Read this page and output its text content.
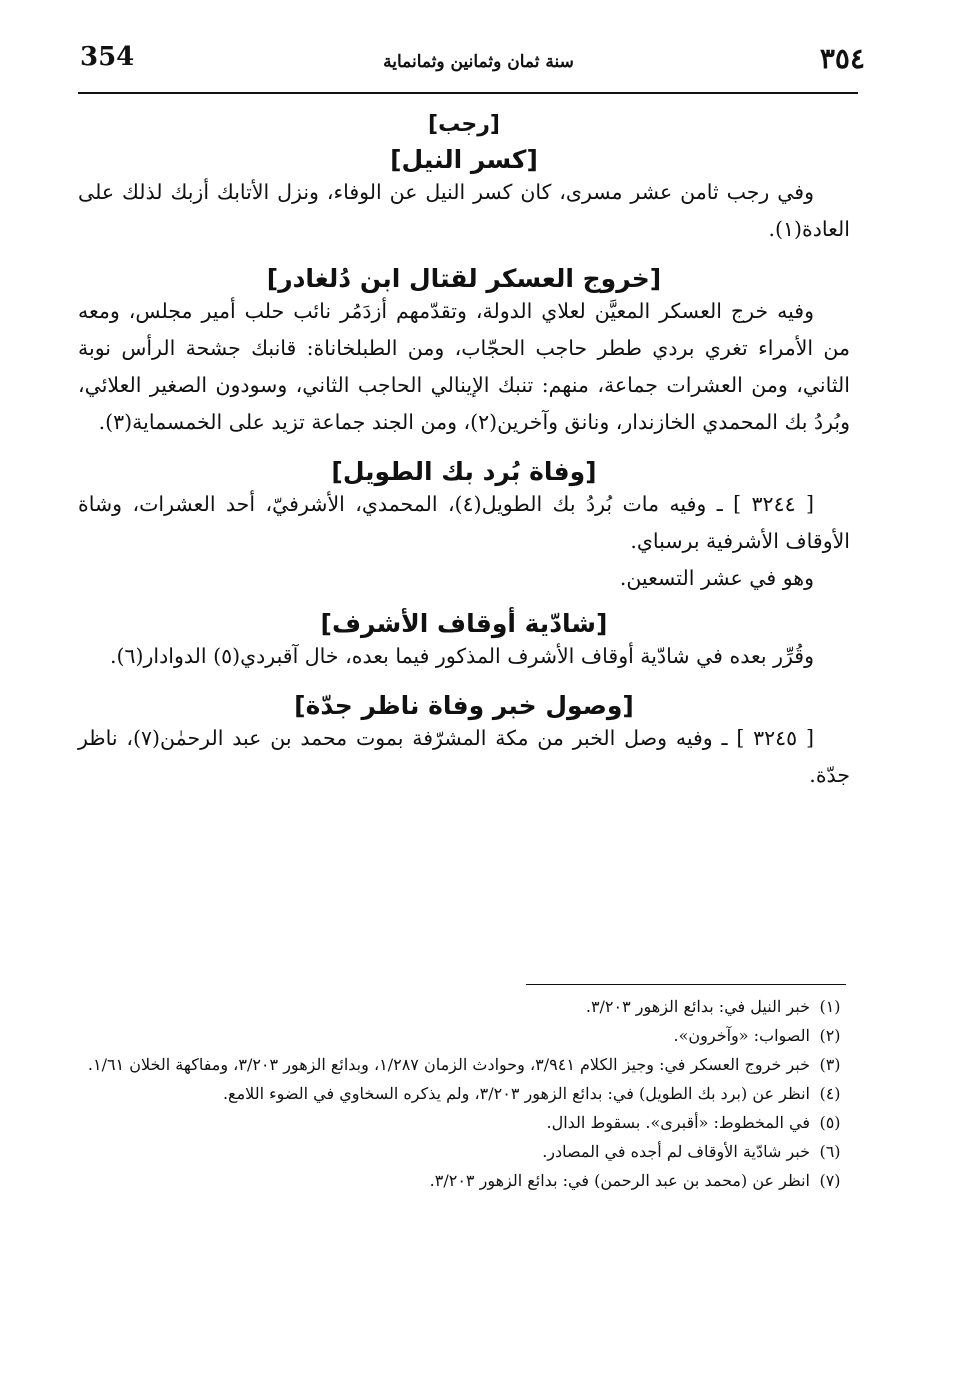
354	سنة ثمان وثمانين وثمانماية	٣٥٤
[رجب]
[كسر النيل]

وفي رجب ثامن عشر مسرى، كان كسر النيل عن الوفاء، ونزل الأتابك أزبك لذلك على العادة(١).

[خروج العسكر لقتال ابن دُلغادر]

وفيه خرج العسكر المعيَّن لعلاي الدولة، وتقدّمهم أزدَمُر نائب حلب أمير مجلس، ومعه من الأمراء تغري بردي ططر حاجب الحجّاب، ومن الطبلخاناة: قانبك جشحة الرأس نوبة الثاني، ومن العشرات جماعة، منهم: تنبك الإينالي الحاجب الثاني، وسودون الصغير العلائي، وبُردُ بك المحمدي الخازندار، ونانق وآخرين(٢)، ومن الجند جماعة تزيد على الخمسماية(٣).

[وفاة بُرد بك الطويل]

[ ٣٢٤٤ ] ـ وفيه مات بُردُ بك الطويل(٤)، المحمدي، الأشرفيّ، أحد العشرات، وشاة الأوقاف الأشرفية برسباي.

وهو في عشر التسعين.

[شادّية أوقاف الأشرف]

وقُرِّر بعده في شادّية أوقاف الأشرف المذكور فيما بعده، خال آقبردي(٥) الدوادار(٦).

[وصول خبر وفاة ناظر جدّة]

[ ٣٢٤٥ ] ـ وفيه وصل الخبر من مكة المشرّفة بموت محمد بن عبد الرحمٰن(٧)، ناظر جدّة.

(١)
خبر النيل في: بدائع الزهور ٣/٢٠٣.
(٢)
الصواب: «وآخرون».
(٣)
خبر خروج العسكر في: وجيز الكلام ٣/٩٤١، وحوادث الزمان ١/٢٨٧، وبدائع الزهور ٣/٢٠٣، ومفاكهة الخلان ١/٦١.
(٤)
انظر عن (برد بك الطويل) في: بدائع الزهور ٣/٢٠٣، ولم يذكره السخاوي في الضوء اللامع.
(٥)
في المخطوط: «أقبرى». بسقوط الدال.
(٦)
خبر شادّية الأوقاف لم أجده في المصادر.
(٧)
انظر عن (محمد بن عبد الرحمن) في: بدائع الزهور ٣/٢٠٣.
